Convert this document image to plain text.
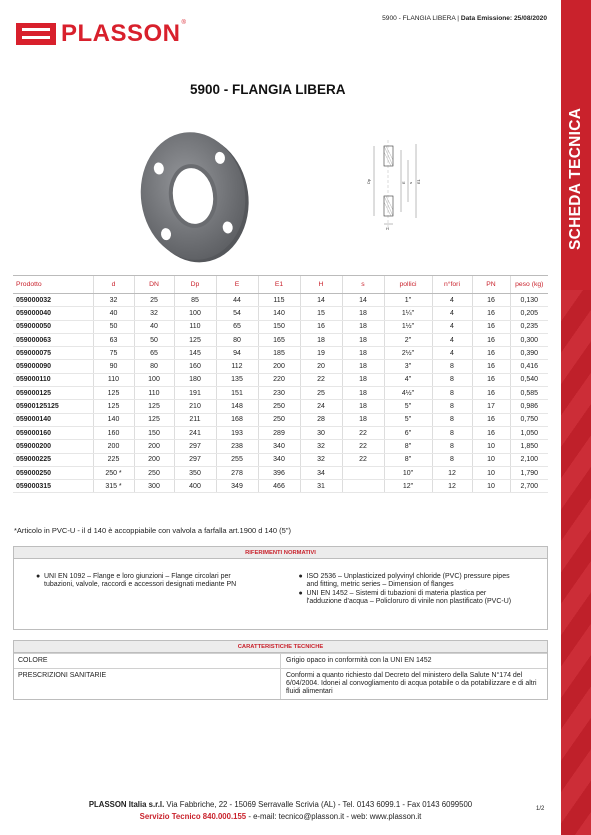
PLASSON ®
5900 - FLANGIA LIBERA | Data Emissione: 25/08/2020
SCHEDA TECNICA
5900 - FLANGIA LIBERA
Dp	E	E1
s
H
Prodotto	d	DN	Dp	E	E1	H	s	pollici	n°fori	PN	peso (kg)
059000032	32	25	85	44	115	14	14	1"	4	16	0,130
059000040	40	32	100	54	140	15	18	1¼"	4	16	0,205
059000050	50	40	110	65	150	16	18	1½"	4	16	0,235
059000063	63	50	125	80	165	18	18	2"	4	16	0,300
059000075	75	65	145	94	185	19	18	2½"	4	16	0,390
059000090	90	80	160	112	200	20	18	3"	8	16	0,416
059000110	110	100	180	135	220	22	18	4"	8	16	0,540
059000125	125	110	191	151	230	25	18	4½"	8	16	0,585
05900125125	125	125	210	148	250	24	18	5"	8	17	0,986
059000140	140	125	211	168	250	28	18	5"	8	16	0,750
059000160	160	150	241	193	289	30	22	6"	8	16	1,050
059000200	200	200	297	238	340	32	22	8"	8	10	1,850
059000225	225	200	297	255	340	32	22	8"	8	10	2,100
059000250	250 *	250	350	278	396	34		10"	12	10	1,790
059000315	315 *	300	400	349	466	31		12"	12	10	2,700
*Articolo in PVC-U - il d 140 è accoppiabile con valvola a farfalla art.1900 d 140 (5")
RIFERIMENTI NORMATIVI
● UNI EN 1092 – Flange e loro giunzioni – Flange circolari per tubazioni, valvole, raccordi e accessori designati mediante PN
● ISO 2536 – Unplasticized polyvinyl chloride (PVC) pressure pipes and fitting, metric series – Dimension of flanges
● UNI EN 1452 – Sistemi di tubazioni di materia plastica per l'adduzione d'acqua – Policloruro di vinile non plastificato (PVC-U)
CARATTERISTICHE TECNICHE
COLORE	Grigio opaco in conformità con la UNI EN 1452
PRESCRIZIONI SANITARIE	Conformi a quanto richiesto dal Decreto del ministero della Salute N°174 del 6/04/2004. Idonei al convogliamento di acqua potabile o da potabilizzare e di altri fluidi alimentari
PLASSON Italia s.r.l. Via Fabbriche, 22 - 15069 Serravalle Scrivia (AL) - Tel. 0143 6099.1 - Fax 0143 6099500
Servizio Tecnico 840.000.155 - e-mail: tecnico@plasson.it - web: www.plasson.it
1/2
